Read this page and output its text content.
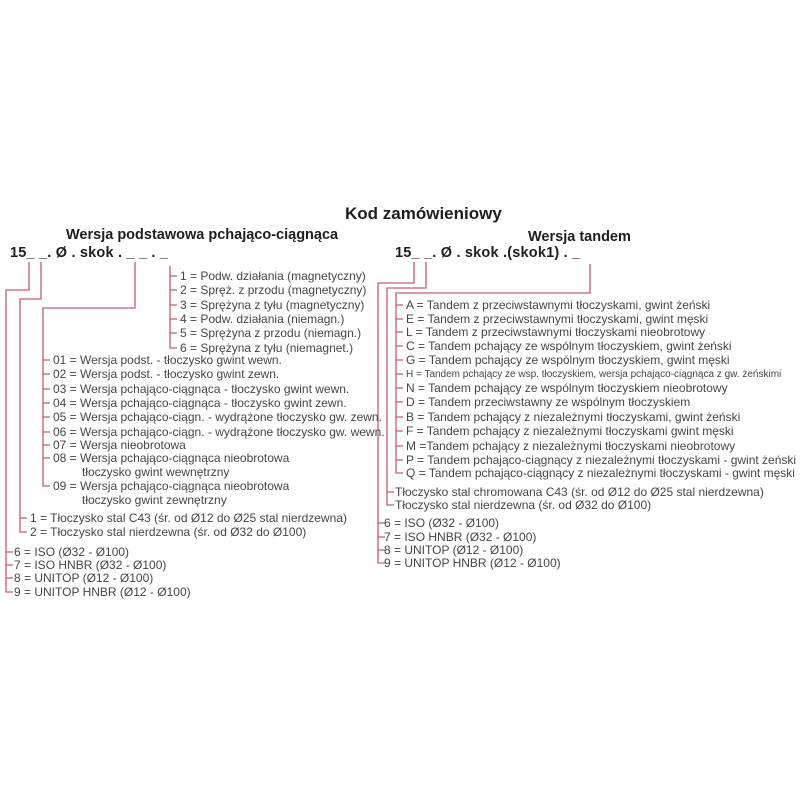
Kod zamówieniowy
Wersja podstawowa pchająco-ciągnąca	Wersja tandem
15_ _. Ø . skok . _ _ . _	15_ _. Ø . skok .(skok1) . _
1 = Podw. działania (magnetyczny)
2 = Spręż. z przodu (magnetyczny)
3 = Sprężyna z tyłu (magnetyczny)
4 = Podw. działania (niemagn.)
5 = Sprężyna z przodu (niemagn.)
6 = Sprężyna z tyłu (niemagnet.)
01 = Wersja podst. - tłoczysko gwint wewn.
02 = Wersja podst. - tłoczysko gwint zewn.
03 = Wersja pchająco-ciągnąca - tłoczysko gwint wewn.
04 = Wersja pchająco-ciągnąca - tłoczysko gwint zewn.
05 = Wersja pchająco-ciągn. - wydrążone tłoczysko gw. zewn.
06 = Wersja pchająco-ciągn. - wydrążone tłoczysko gw. wewn.
07 = Wersja nieobrotowa
08 = Wersja pchająco-ciągnąca nieobrotowa
tłoczysko gwint wewnętrzny
09 = Wersja pchająco-ciągnąca nieobrotowa
tłoczysko gwint zewnętrzny
1 = Tłoczysko stal C43 (śr. od Ø12 do Ø25 stal nierdzewna)
2 = Tłoczysko stal nierdzewna (śr. od Ø32 do Ø100)
6 = ISO (Ø32 - Ø100)
7 = ISO HNBR (Ø32 - Ø100)
8 = UNITOP (Ø12 - Ø100)
9 = UNITOP HNBR (Ø12 - Ø100)
A = Tandem z przeciwstawnymi tłoczyskami, gwint żeński
E = Tandem z przeciwstawnymi tłoczyskami, gwint męski
L = Tandem z przeciwstawnymi tłoczyskami nieobrotowy
C = Tandem pchający ze wspólnym tłoczyskiem, gwint żeński
G = Tandem pchający ze wspólnym tłoczyskiem, gwint męski
H = Tandem pchający ze wsp. tłoczyskiem, wersja pchająco-ciągnąca z gw. żeńskimi
N = Tandem pchający ze wspólnym tłoczyskiem nieobrotowy
D = Tandem przeciwstawny ze wspólnym tłoczyskiem
B = Tandem pchający z niezależnymi tłoczyskami, gwint żeński
F = Tandem pchający z niezależnymi tłoczyskami gwint męski
M =Tandem pchający z niezależnymi tłoczyskami nieobrotowy
P = Tandem pchająco-ciągnący z niezależnymi tłoczyskami - gwint żeński
Q = Tandem pchająco-ciągnący z niezależnymi tłoczyskami - gwint męski
Tłoczysko stal chromowana C43 (śr. od Ø12 do Ø25 stal nierdzewna)
Tłoczysko stal nierdzewna (śr. od Ø32 do Ø100)
6 = ISO (Ø32 - Ø100)
7 = ISO HNBR (Ø32 - Ø100)
8 = UNITOP (Ø12 - Ø100)
9 = UNITOP HNBR (Ø12 - Ø100)
